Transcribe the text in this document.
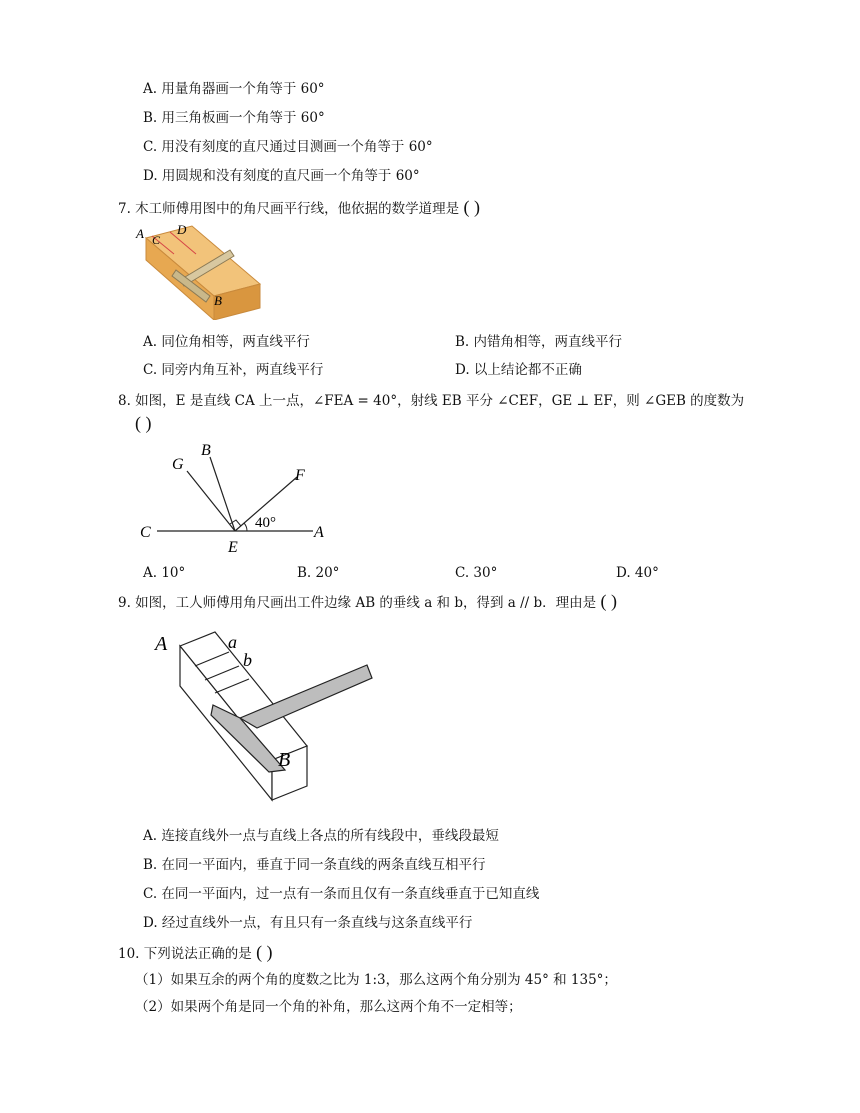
A. 用量角器画一个角等于 60°
B. 用三角板画一个角等于 60°
C. 用没有刻度的直尺通过目测画一个角等于 60°
D. 用圆规和没有刻度的直尺画一个角等于 60°
7. 木工师傅用图中的角尺画平行线，他依据的数学道理是 ( )
A C
D
B
A. 同位角相等，两直线平行	B. 内错角相等，两直线平行
C. 同旁内角互补，两直线平行	D. 以上结论都不正确
8. 如图，E 是直线 CA 上一点，∠FEA = 40°，射线 EB 平分 ∠CEF，GE ⊥ EF，则 ∠GEB 的度数为
( )
G
B
F
C
E
A
40°
A. 10°	B. 20°	C. 30°	D. 40°
9. 如图，工人师傅用角尺画出工件边缘 AB 的垂线 a 和 b，得到 a // b．理由是 ( )
A	a
b
B
A. 连接直线外一点与直线上各点的所有线段中，垂线段最短
B. 在同一平面内，垂直于同一条直线的两条直线互相平行
C. 在同一平面内，过一点有一条而且仅有一条直线垂直于已知直线
D. 经过直线外一点，有且只有一条直线与这条直线平行
10. 下列说法正确的是 ( )
（1）如果互余的两个角的度数之比为 1:3，那么这两个角分别为 45° 和 135°；
（2）如果两个角是同一个角的补角，那么这两个角不一定相等；
